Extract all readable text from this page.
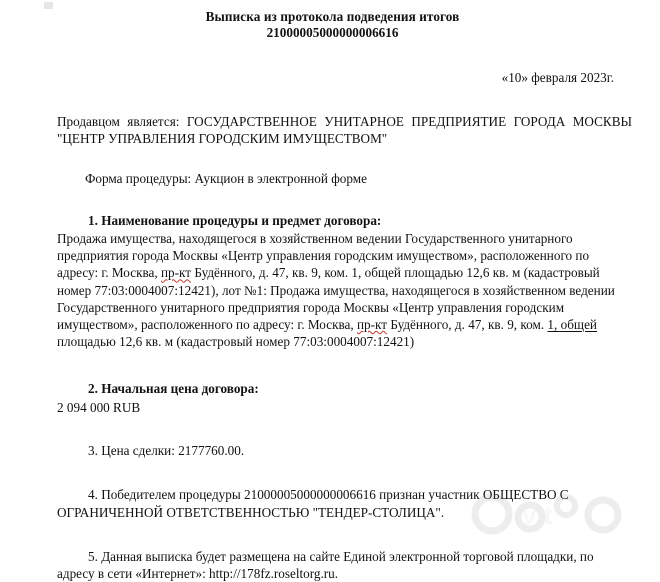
Выписка из протокола подведения итогов
21000005000000006616
«10» февраля 2023г.
Продавцом является: ГОСУДАРСТВЕННОЕ УНИТАРНОЕ ПРЕДПРИЯТИЕ ГОРОДА МОСКВЫ
"ЦЕНТР УПРАВЛЕНИЯ ГОРОДСКИМ ИМУЩЕСТВОМ"
Форма процедуры: Аукцион в электронной форме
1. Наименование процедуры и предмет договора:
Продажа имущества, находящегося в хозяйственном ведении Государственного унитарного
предприятия города Москвы «Центр управления городским имуществом», расположенного по
адресу: г. Москва, пр-кт Будённого, д. 47, кв. 9, ком. 1, общей площадью 12,6 кв. м (кадастровый
номер 77:03:0004007:12421), лот №1: Продажа имущества, находящегося в хозяйственном ведении
Государственного унитарного предприятия города Москвы «Центр управления городским
имуществом», расположенного по адресу: г. Москва, пр-кт Будённого, д. 47, кв. 9, ком. 1, общей
площадью 12,6 кв. м (кадастровый номер 77:03:0004007:12421)
2. Начальная цена договора:
2 094 000 RUB
3. Цена сделки: 2177760.00.
4. Победителем процедуры 21000005000000006616 признан участник ОБЩЕСТВО С ОГРАНИЧЕННОЙ ОТВЕТСТВЕННОСТЬЮ "ТЕНДЕР-СТОЛИЦА".
5. Данная выписка будет размещена на сайте Единой электронной торговой площадки, по адресу в сети «Интернет»: http://178fz.roseltorg.ru.
vit
